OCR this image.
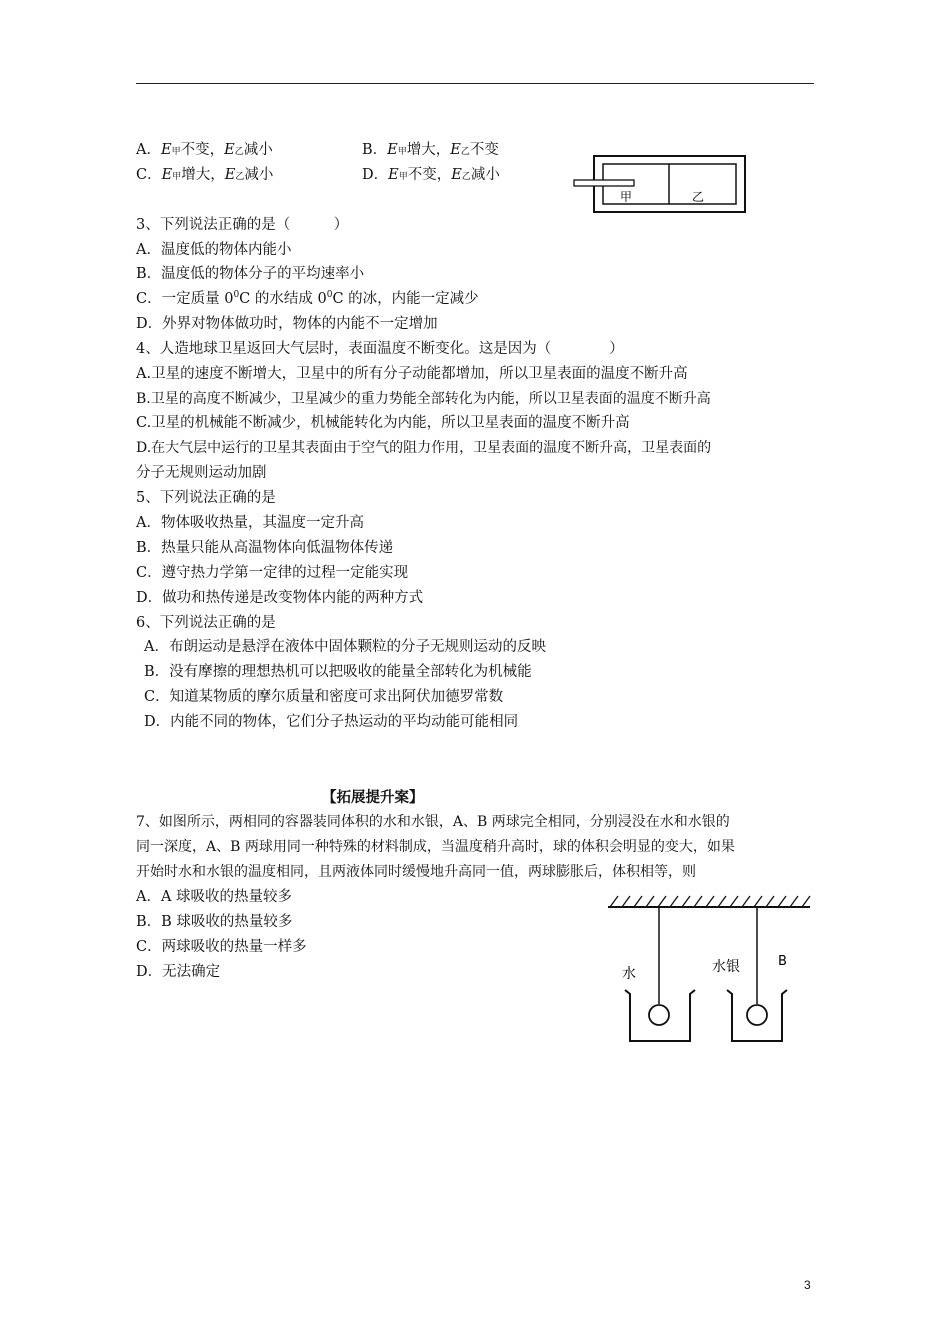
A．E甲不变，E乙减小	B．E甲增大，E乙不变
C．E甲增大，E乙减小	D．E甲不变，E乙减小
甲	乙
3、下列说法正确的是（　　　）
A．温度低的物体内能小
B．温度低的物体分子的平均速率小
C．一定质量 $0^0C$ 的水结成 $0^0C$ 的冰，内能一定减少
D．外界对物体做功时，物体的内能不一定增加
4、人造地球卫星返回大气层时，表面温度不断变化。这是因为（　　　　）
A.卫星的速度不断增大，卫星中的所有分子动能都增加，所以卫星表面的温度不断升高
B.卫星的高度不断减少，卫星减少的重力势能全部转化为内能，所以卫星表面的温度不断升高
C.卫星的机械能不断减少，机械能转化为内能，所以卫星表面的温度不断升高
D.在大气层中运行的卫星其表面由于空气的阻力作用，卫星表面的温度不断升高，卫星表面的
分子无规则运动加剧
5、下列说法正确的是
A．物体吸收热量，其温度一定升高
B．热量只能从高温物体向低温物体传递
C．遵守热力学第一定律的过程一定能实现
D．做功和热传递是改变物体内能的两种方式
6、下列说法正确的是
A．布朗运动是悬浮在液体中固体颗粒的分子无规则运动的反映
B．没有摩擦的理想热机可以把吸收的能量全部转化为机械能
C．知道某物质的摩尔质量和密度可求出阿伏加德罗常数
D．内能不同的物体，它们分子热运动的平均动能可能相同
【拓展提升案】
7、如图所示，两相同的容器装同体积的水和水银，A、B 两球完全相同，分别浸没在水和水银的
同一深度，A、B 两球用同一种特殊的材料制成，当温度稍升高时，球的体积会明显的变大，如果
开始时水和水银的温度相同，且两液体同时缓慢地升高同一值，两球膨胀后，体积相等，则
A．A 球吸收的热量较多
B．B 球吸收的热量较多
C．两球吸收的热量一样多
D．无法确定	水	水银	B
3
